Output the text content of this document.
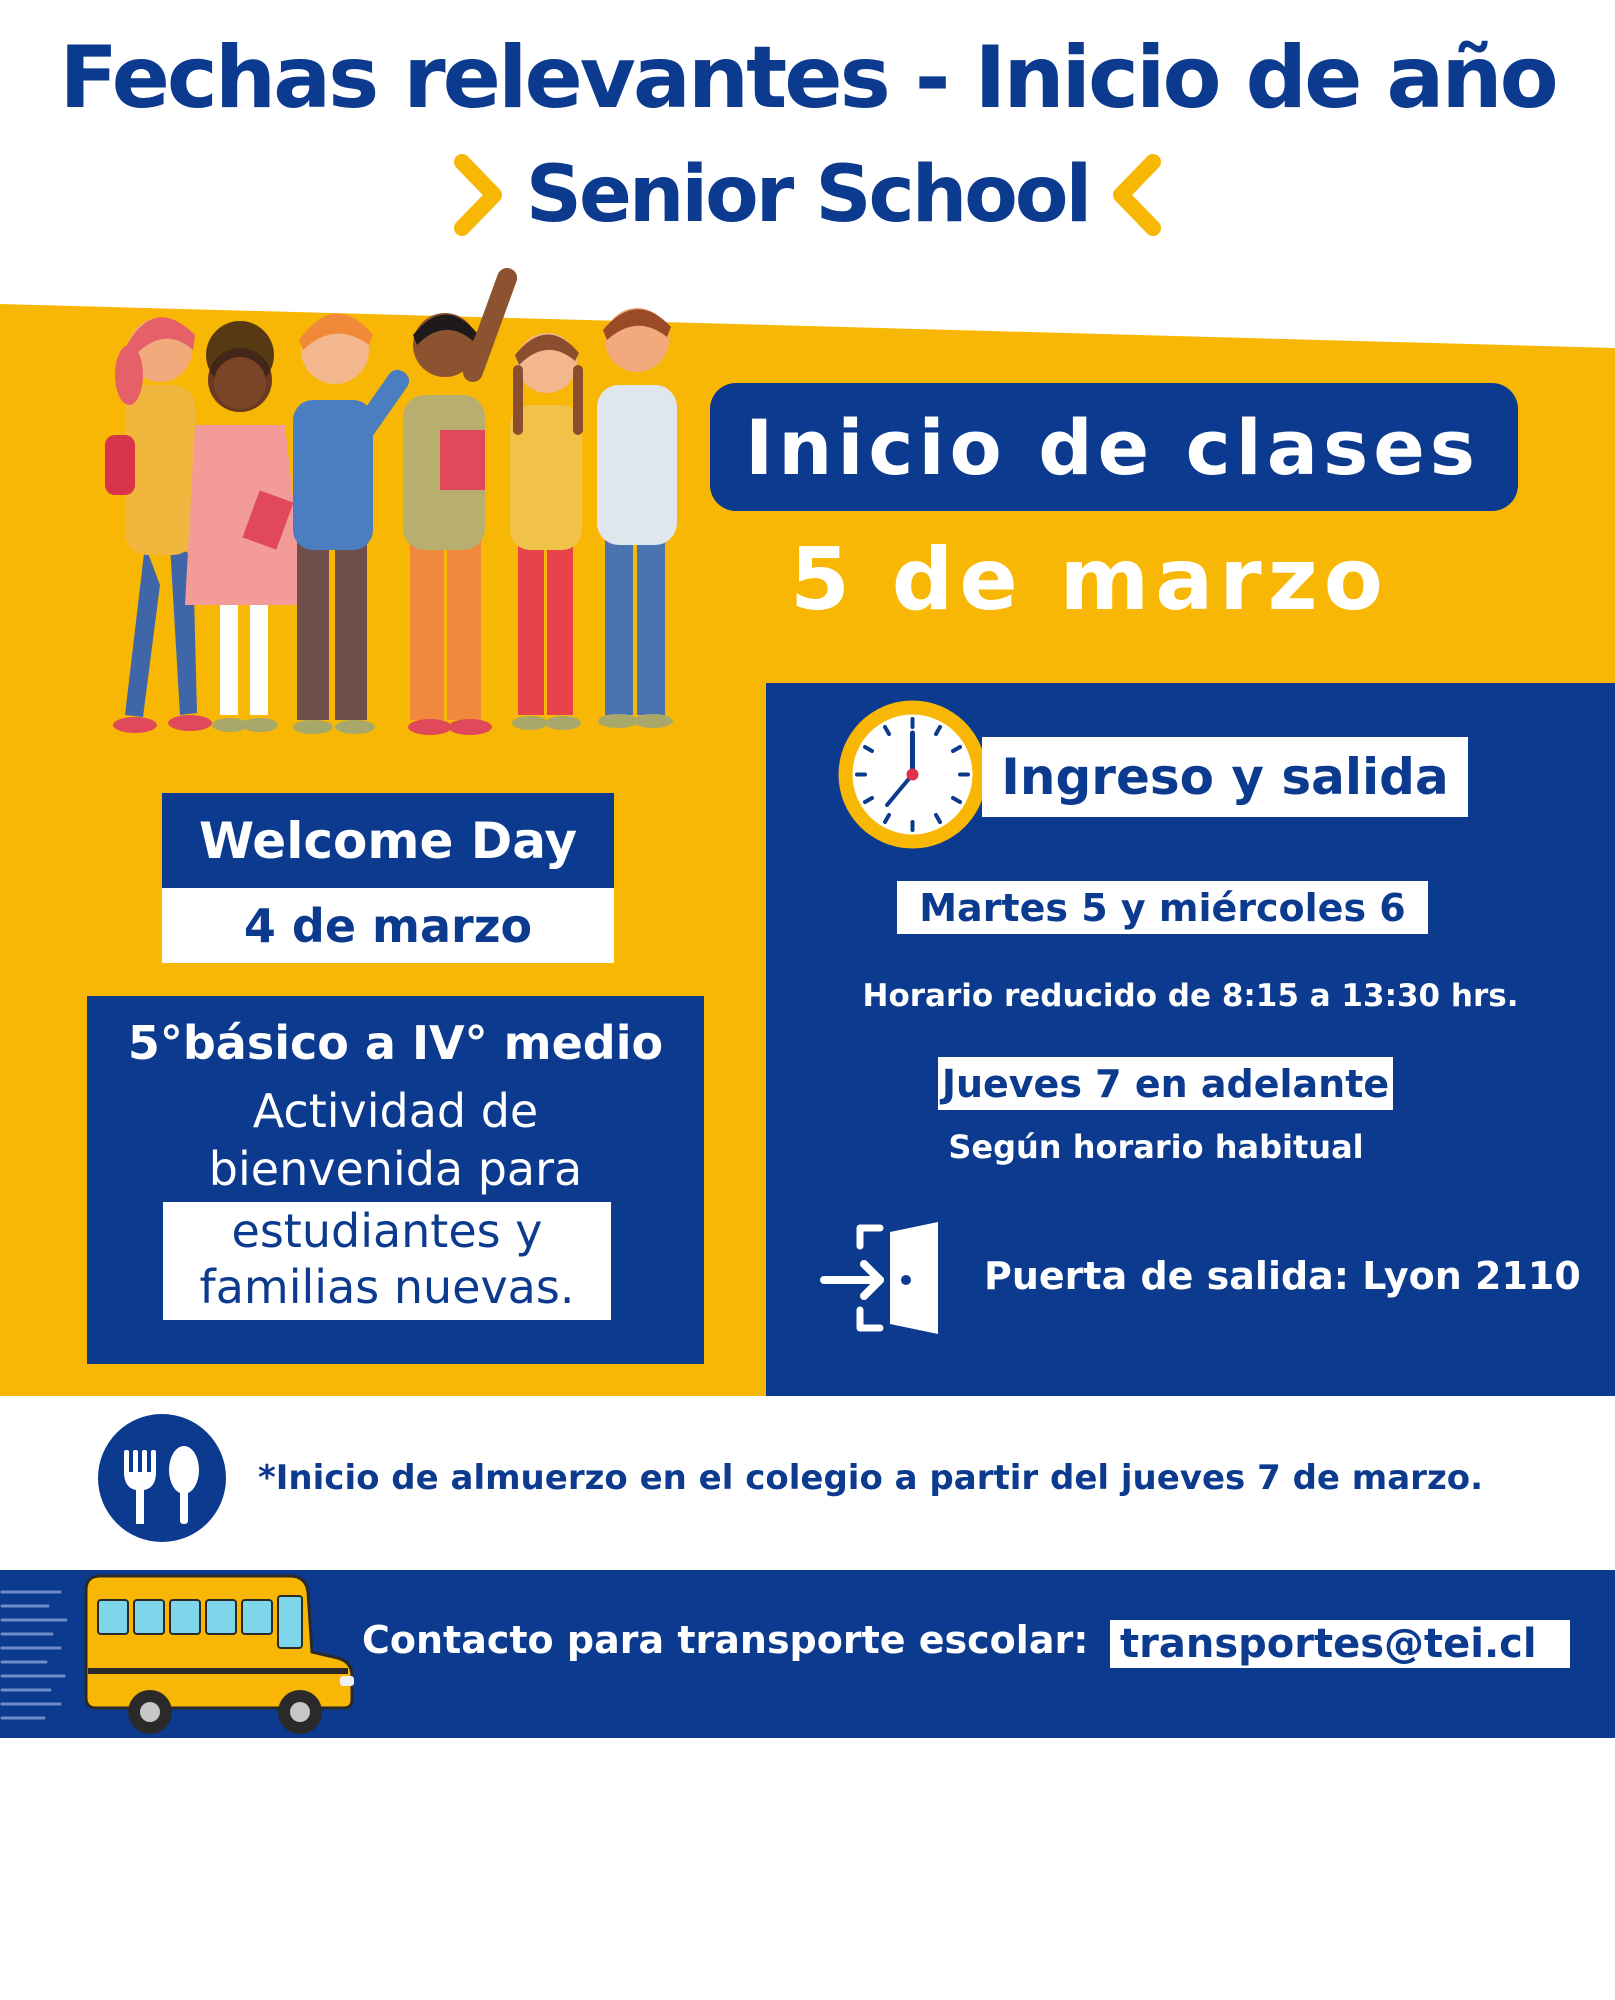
Fechas relevantes - Inicio de año
Senior School
Inicio de clases
5 de marzo
Welcome Day
4 de marzo
5°básico a IV° medio
Actividad de
bienvenida para
estudiantes y
familias nuevas.
Ingreso y salida
Martes 5 y miércoles 6
Horario reducido de 8:15 a 13:30 hrs.
Jueves 7 en adelante
Según horario habitual
Puerta de salida: Lyon 2110
*Inicio de almuerzo en el colegio a partir del jueves 7 de marzo.
Contacto para transporte escolar: transportes@tei.cl
